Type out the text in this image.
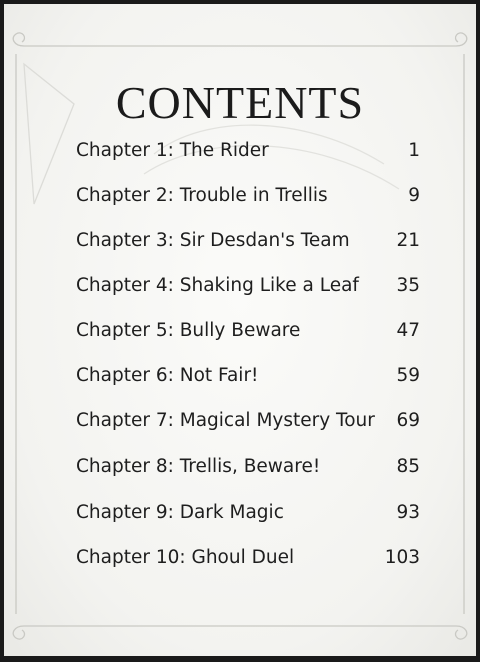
CONTENTS
Chapter 1: The Rider	1
Chapter 2: Trouble in Trellis	9
Chapter 3: Sir Desdan's Team	21
Chapter 4: Shaking Like a Leaf 35
Chapter 5: Bully Beware	47
Chapter 6: Not Fair!	59
Chapter 7: Magical Mystery Tour 69
Chapter 8: Trellis, Beware!	85
Chapter 9: Dark Magic	93
Chapter 10: Ghoul Duel	103
